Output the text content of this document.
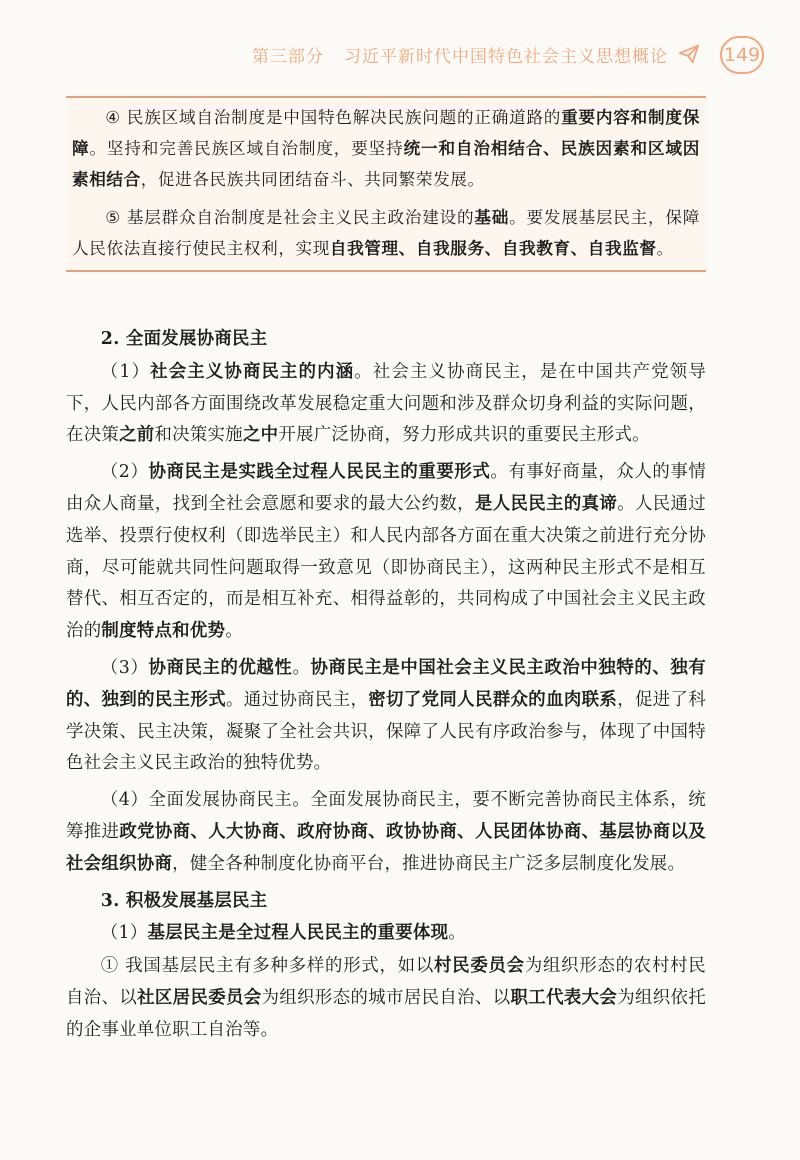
第三部分 习近平新时代中国特色社会主义思想概论	149

④ 民族区域自治制度是中国特色解决民族问题的正确道路的重要内容和制度保障。坚持和完善民族区域自治制度，要坚持统一和自治相结合、民族因素和区域因素相结合，促进各民族共同团结奋斗、共同繁荣发展。

⑤ 基层群众自治制度是社会主义民主政治建设的基础。要发展基层民主，保障人民依法直接行使民主权利，实现自我管理、自我服务、自我教育、自我监督。

2. 全面发展协商民主

（1）社会主义协商民主的内涵。社会主义协商民主，是在中国共产党领导下，人民内部各方面围绕改革发展稳定重大问题和涉及群众切身利益的实际问题，在决策之前和决策实施之中开展广泛协商，努力形成共识的重要民主形式。

（2）协商民主是实践全过程人民民主的重要形式。有事好商量，众人的事情由众人商量，找到全社会意愿和要求的最大公约数，是人民民主的真谛。人民通过选举、投票行使权利（即选举民主）和人民内部各方面在重大决策之前进行充分协商，尽可能就共同性问题取得一致意见（即协商民主），这两种民主形式不是相互替代、相互否定的，而是相互补充、相得益彰的，共同构成了中国社会主义民主政治的制度特点和优势。

（3）协商民主的优越性。协商民主是中国社会主义民主政治中独特的、独有的、独到的民主形式。通过协商民主，密切了党同人民群众的血肉联系，促进了科学决策、民主决策，凝聚了全社会共识，保障了人民有序政治参与，体现了中国特色社会主义民主政治的独特优势。

（4）全面发展协商民主。全面发展协商民主，要不断完善协商民主体系，统筹推进政党协商、人大协商、政府协商、政协协商、人民团体协商、基层协商以及社会组织协商，健全各种制度化协商平台，推进协商民主广泛多层制度化发展。

3. 积极发展基层民主

（1）基层民主是全过程人民民主的重要体现。

① 我国基层民主有多种多样的形式，如以村民委员会为组织形态的农村村民自治、以社区居民委员会为组织形态的城市居民自治、以职工代表大会为组织依托的企事业单位职工自治等。
